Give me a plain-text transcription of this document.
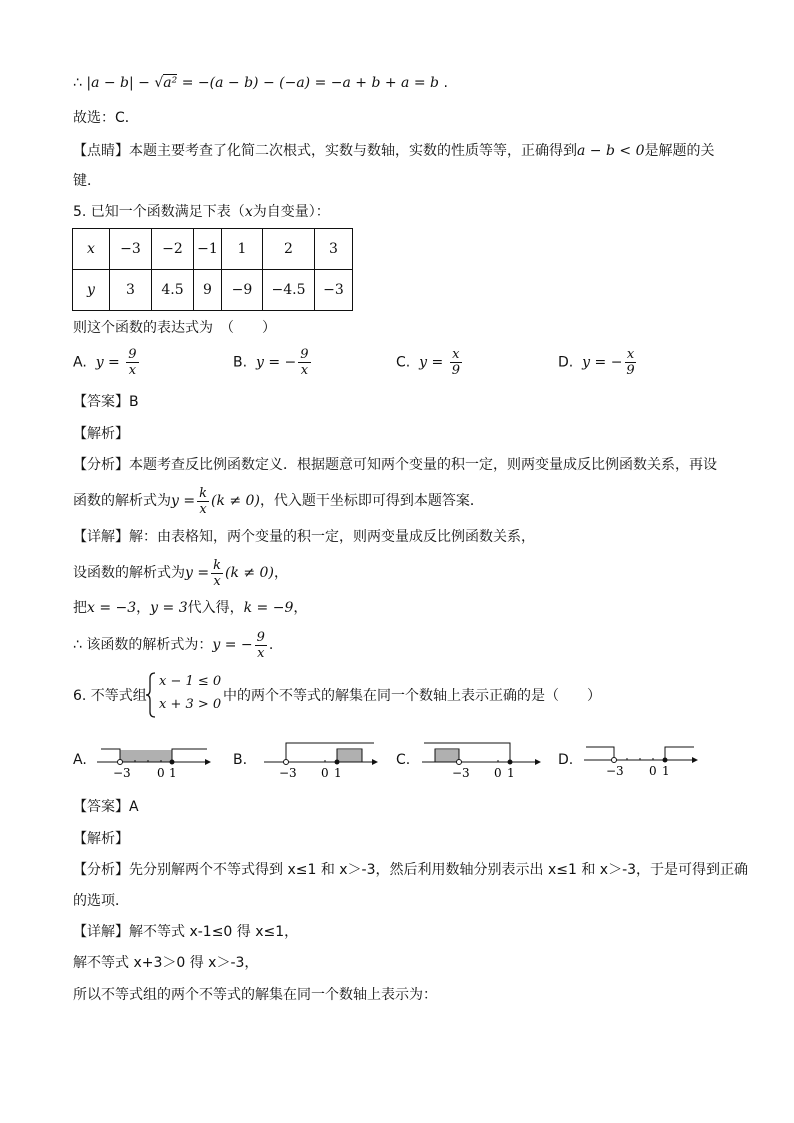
∴ |a − b| − √a² = −(a − b) − (−a) = −a + b + a = b .
故选：C．
【点睛】本题主要考查了化简二次根式，实数与数轴，实数的性质等等，正确得到a − b < 0是解题的关
键．
5. 已知一个函数满足下表（x为自变量）：
x	−3	−2	−1	1	2	3
y	3	4.5	9	−9	−4.5	−3
则这个函数的表达式为　（　　）
A. $y = \frac{9}{x}$	B. y = − $\frac{9}{x}$	C. $y = \frac{x}{9}$	D. y = − $\frac{x}{9}$
【答案】B
【解析】
【分析】本题考查反比例函数定义．根据题意可知两个变量的积一定，则两变量成反比例函数关系，再设
函数的解析式为$y = \frac{k}{x} (k \ne 0)$，代入题干坐标即可得到本题答案．
【详解】解：由表格知，两个变量的积一定，则两变量成反比例函数关系，
设函数的解析式为$y = \frac{k}{x} (k \ne 0)$，
把x = −3，y = 3代入得，k = −9，
∴ 该函数的解析式为：y = − $\frac{9}{x}$ .
6. 不等式组
x − 1 ≤ 0
x + 3 > 0
中的两个不等式的解集在同一个数轴上表示正确的是（　　）
A.
−3 0 1
B.
−3 0 1
C.
−3 0 1
D.
−3 0 1
【答案】A
【解析】
【分析】先分别解两个不等式得到 x≤1 和 x＞-3，然后利用数轴分别表示出 x≤1 和 x＞-3，于是可得到正确
的选项．
【详解】解不等式 x-1≤0 得 x≤1，
解不等式 x+3＞0 得 x＞-3，
所以不等式组的两个不等式的解集在同一个数轴上表示为：
